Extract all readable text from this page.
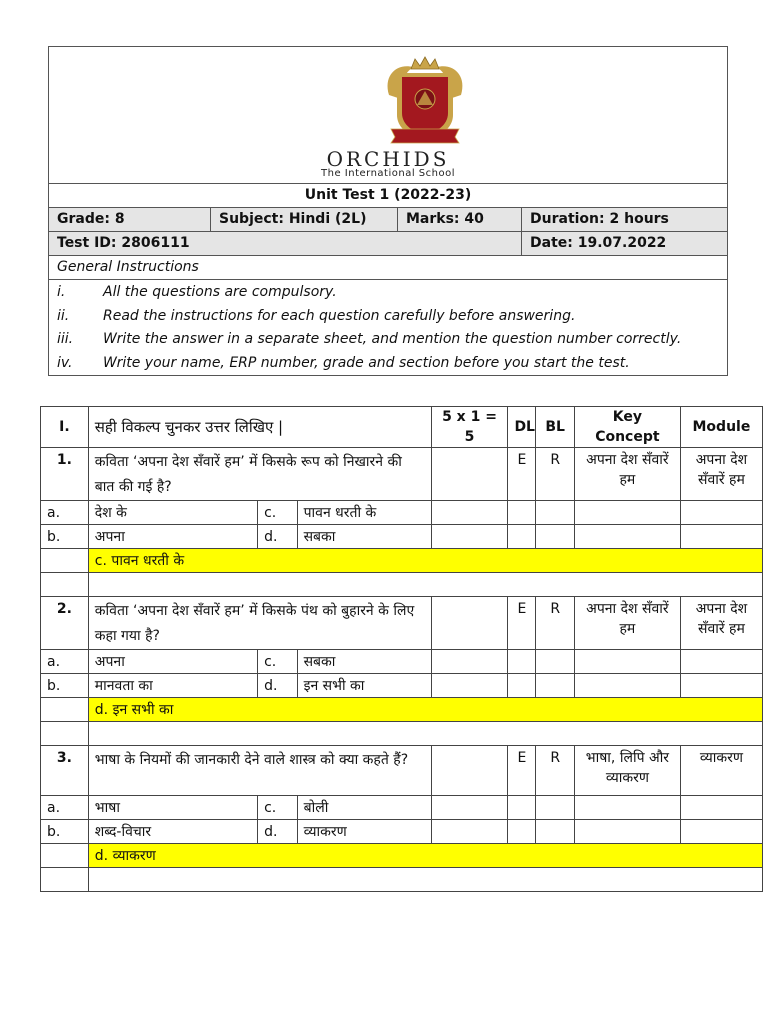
ORCHIDS
The International School
Unit Test 1 (2022-23)
Grade: 8	Subject: Hindi (2L)	Marks: 40	Duration: 2 hours
Test ID: 2806111	Date: 19.07.2022
General Instructions
i.	All the questions are compulsory.
ii.	Read the instructions for each question carefully before answering.
iii.	Write the answer in a separate sheet, and mention the question number correctly.
iv.	Write your name, ERP number, grade and section before you start the test.
I.	सही विकल्प चुनकर उत्तर लिखिए |			5 x 1 = 5	DL	BL	Key Concept	Module
1.	कविता ‘अपना देश सँवारें हम’ में किसके रूप को निखारने की बात की गई है?				E	R	अपना देश सँवारें हम	अपना देश सँवारें हम
a.	देश के	c.	पावन धरती के					
b.	अपना	d.	सबका					
	c. पावन धरती के							

2.	कविता ‘अपना देश सँवारें हम’ में किसके पंथ को बुहारने के लिए कहा गया है?				E	R	अपना देश सँवारें हम	अपना देश सँवारें हम
a.	अपना	c.	सबका					
b.	मानवता का	d.	इन सभी का					
	d. इन सभी का							

3.	भाषा के नियमों की जानकारी देने वाले शास्त्र को क्या कहते हैं?				E	R	भाषा, लिपि और व्याकरण	व्याकरण
a.	भाषा	c.	बोली					
b.	शब्द-विचार	d.	व्याकरण					
	d. व्याकरण							
